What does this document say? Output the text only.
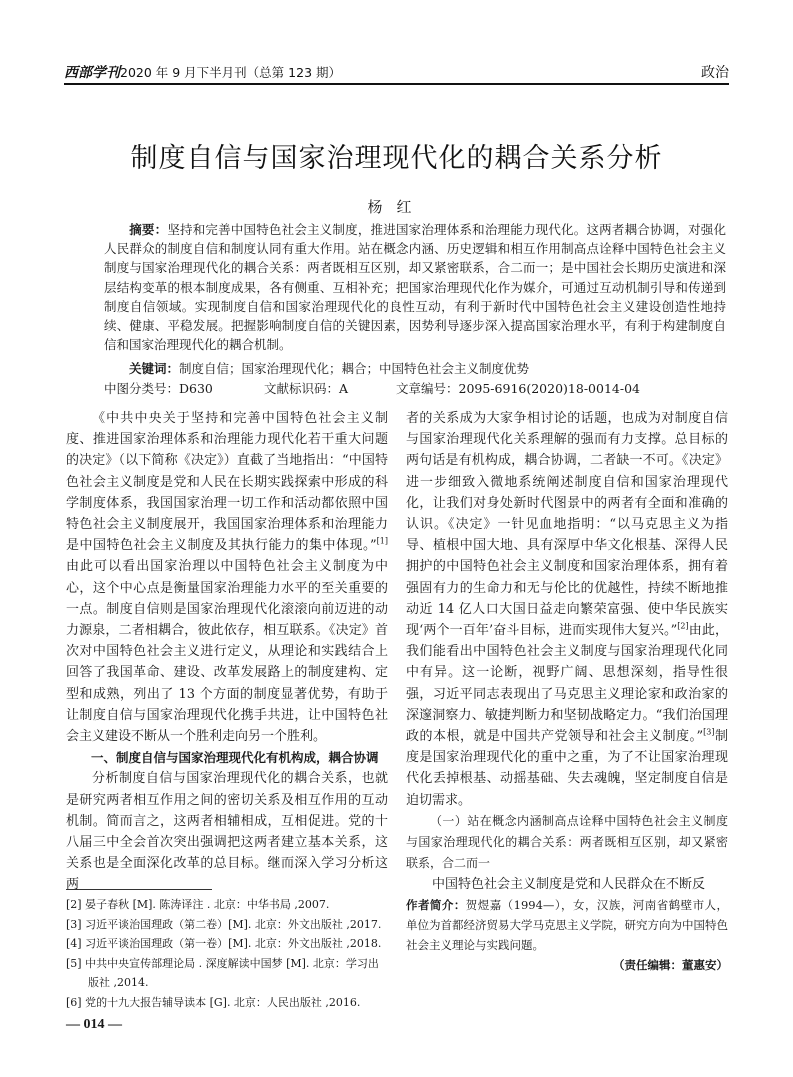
西部学刊2020 年 9 月下半月刊（总第 123 期）	政治
制度自信与国家治理现代化的耦合关系分析
杨红
  摘要：坚持和完善中国特色社会主义制度，推进国家治理体系和治理能力现代化。这两者耦合协调，对强化人民群众的制度自信和制度认同有重大作用。站在概念内涵、历史逻辑和相互作用制高点诠释中国特色社会主义制度与国家治理现代化的耦合关系：两者既相互区别，却又紧密联系，合二而一；是中国社会长期历史演进和深层结构变革的根本制度成果，各有侧重、互相补充；把国家治理现代化作为媒介，可通过互动机制引导和传递到制度自信领域。实现制度自信和国家治理现代化的良性互动，有利于新时代中国特色社会主义建设创造性地持续、健康、平稳发展。把握影响制度自信的关键因素，因势利导逐步深入提高国家治理水平，有利于构建制度自信和国家治理现代化的耦合机制。
  关键词：制度自信；国家治理现代化；耦合；中国特色社会主义制度优势
中图分类号：D630	文献标识码：A	文章编号：2095-6916(2020)18-0014-04

《中共中央关于坚持和完善中国特色社会主义制度、推进国家治理体系和治理能力现代化若干重大问题的决定》（以下简称《决定》）直截了当地指出：“中国特色社会主义制度是党和人民在长期实践探索中形成的科学制度体系，我国国家治理一切工作和活动都依照中国特色社会主义制度展开，我国国家治理体系和治理能力是中国特色社会主义制度及其执行能力的集中体现。”[1]由此可以看出国家治理以中国特色社会主义制度为中心，这个中心点是衡量国家治理能力水平的至关重要的一点。制度自信则是国家治理现代化滚滚向前迈进的动力源泉，二者相耦合，彼此依存，相互联系。《决定》首次对中国特色社会主义进行定义，从理论和实践结合上回答了我国革命、建设、改革发展路上的制度建构、定型和成熟，列出了 13 个方面的制度显著优势，有助于让制度自信与国家治理现代化携手共进，让中国特色社会主义建设不断从一个胜利走向另一个胜利。

一、制度自信与国家治理现代化有机构成，耦合协调

分析制度自信与国家治理现代化的耦合关系，也就是研究两者相互作用之间的密切关系及相互作用的互动机制。简而言之，这两者相辅相成，互相促进。党的十八届三中全会首次突出强调把这两者建立基本关系，这关系也是全面深化改革的总目标。继而深入学习分析这两

者的关系成为大家争相讨论的话题，也成为对制度自信与国家治理现代化关系理解的强而有力支撑。总目标的两句话是有机构成，耦合协调，二者缺一不可。《决定》进一步细致入微地系统阐述制度自信和国家治理现代化，让我们对身处新时代图景中的两者有全面和准确的认识。《决定》一针见血地指明：“以马克思主义为指导、植根中国大地、具有深厚中华文化根基、深得人民拥护的中国特色社会主义制度和国家治理体系，拥有着强固有力的生命力和无与伦比的优越性，持续不断地推动近 14 亿人口大国日益走向繁荣富强、使中华民族实现‘两个一百年’奋斗目标，进而实现伟大复兴。”[2]由此，我们能看出中国特色社会主义制度与国家治理现代化同中有异。这一论断，视野广阔、思想深刻，指导性很强，习近平同志表现出了马克思主义理论家和政治家的深邃洞察力、敏捷判断力和坚韧战略定力。“我们治国理政的本根，就是中国共产党领导和社会主义制度。”[3]制度是国家治理现代化的重中之重，为了不让国家治理现代化丢掉根基、动摇基础、失去魂魄，坚定制度自信是迫切需求。

（一）站在概念内涵制高点诠释中国特色社会主义制度与国家治理现代化的耦合关系：两者既相互区别，却又紧密联系，合二而一

中国特色社会主义制度是党和人民群众在不断反

[2] 晏子春秋 [M]. 陈涛译注 . 北京：中华书局 ,2007.
[3] 习近平谈治国理政（第二卷）[M]. 北京：外文出版社 ,2017.
[4] 习近平谈治国理政（第一卷）[M]. 北京：外文出版社 ,2018.
[5] 中共中央宣传部理论局 . 深度解读中国梦 [M]. 北京：学习出版社 ,2014.
[6] 党的十九大报告辅导读本 [G]. 北京：人民出版社 ,2016.
作者简介：贺煜嘉（1994—），女，汉族，河南省鹤壁市人，单位为首都经济贸易大学马克思主义学院，研究方向为中国特色社会主义理论与实践问题。
（责任编辑：董惠安）
— 014 —
